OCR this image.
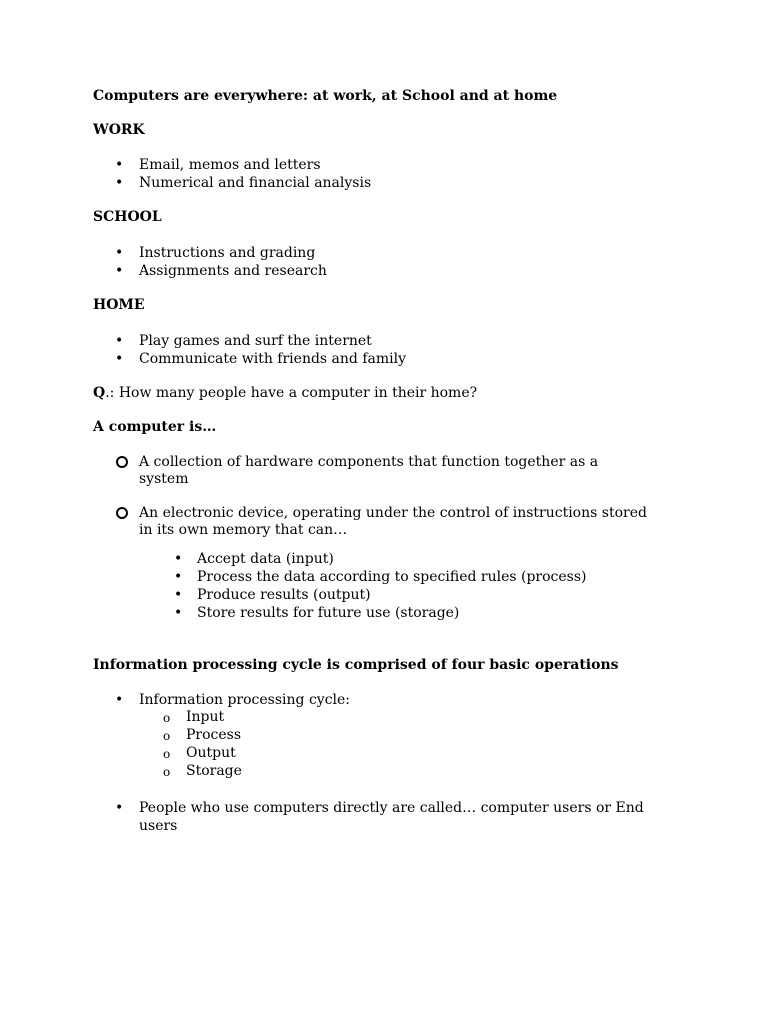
Computers are everywhere: at work, at School and at home
WORK
•
Email, memos and letters
•
Numerical and financial analysis
SCHOOL
•
Instructions and grading
•
Assignments and research
HOME
•
Play games and surf the internet
•
Communicate with friends and family
Q.: How many people have a computer in their home?
A computer is…
A collection of hardware components that function together as a
system
An electronic device, operating under the control of instructions stored
in its own memory that can…
•
Accept data (input)
•
Process the data according to specified rules (process)
•
Produce results (output)
•
Store results for future use (storage)
Information processing cycle is comprised of four basic operations
•
Information processing cycle:
o Input
o Process
o Output
o Storage
•
People who use computers directly are called… computer users or End
users
